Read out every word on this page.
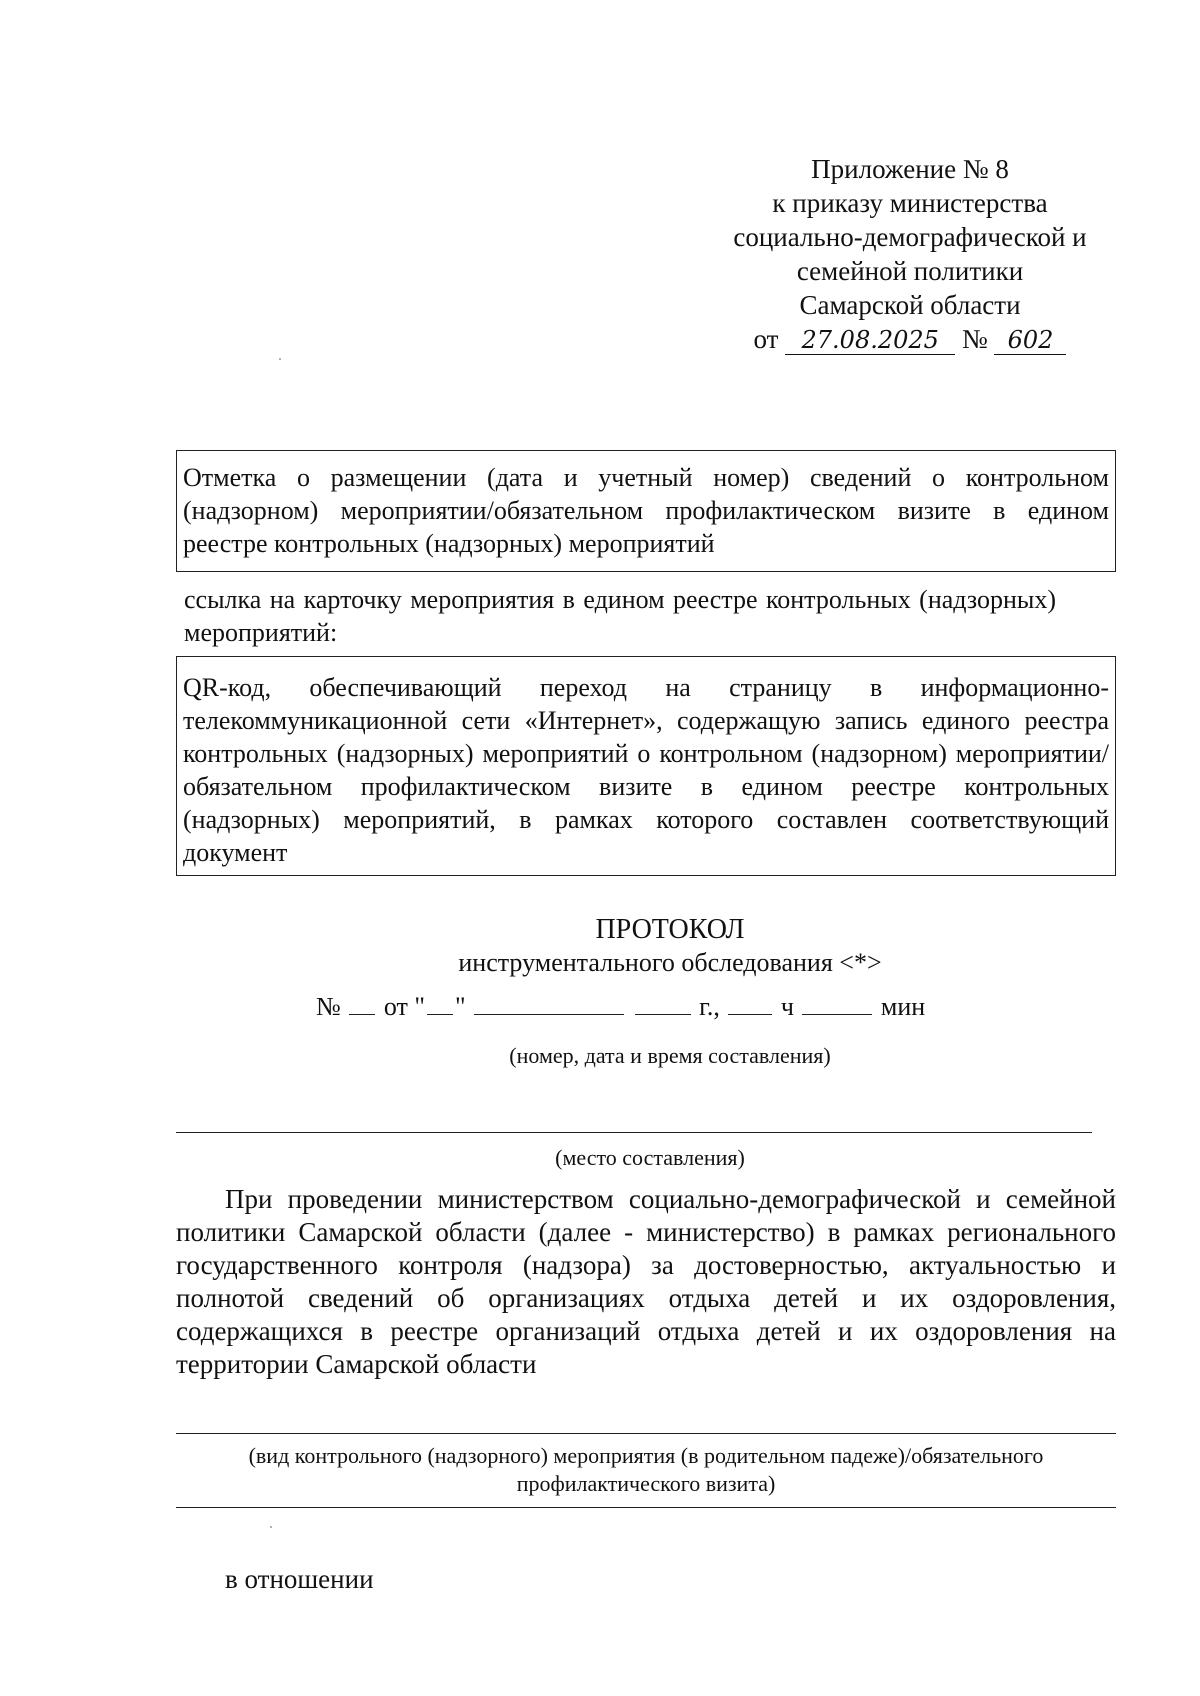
Приложение № 8
к приказу министерства
социально-демографической и
семейной политики
Самарской области
от 27.08.2025 № 602
Отметка о размещении (дата и учетный номер) сведений о контрольном (надзорном) мероприятии/обязательном профилактическом визите в едином реестре контрольных (надзорных) мероприятий
ссылка на карточку мероприятия в едином реестре контрольных (надзорных) мероприятий:
QR-код, обеспечивающий переход на страницу в информационно-телекоммуникационной сети «Интернет», содержащую запись единого реестра контрольных (надзорных) мероприятий о контрольном (надзорном) мероприятии/обязательном профилактическом визите в едином реестре контрольных (надзорных) мероприятий, в рамках которого составлен соответствующий документ
ПРОТОКОЛ
инструментального обследования <*>
№ от " "	г., ч	мин
(номер, дата и время составления)
(место составления)
При проведении министерством социально-демографической и семейной политики Самарской области (далее - министерство) в рамках регионального государственного контроля (надзора) за достоверностью, актуальностью и полнотой сведений об организациях отдыха детей и их оздоровления, содержащихся в реестре организаций отдыха детей и их оздоровления на территории Самарской области
(вид контрольного (надзорного) мероприятия (в родительном падеже)/обязательного
профилактического визита)
в отношении
